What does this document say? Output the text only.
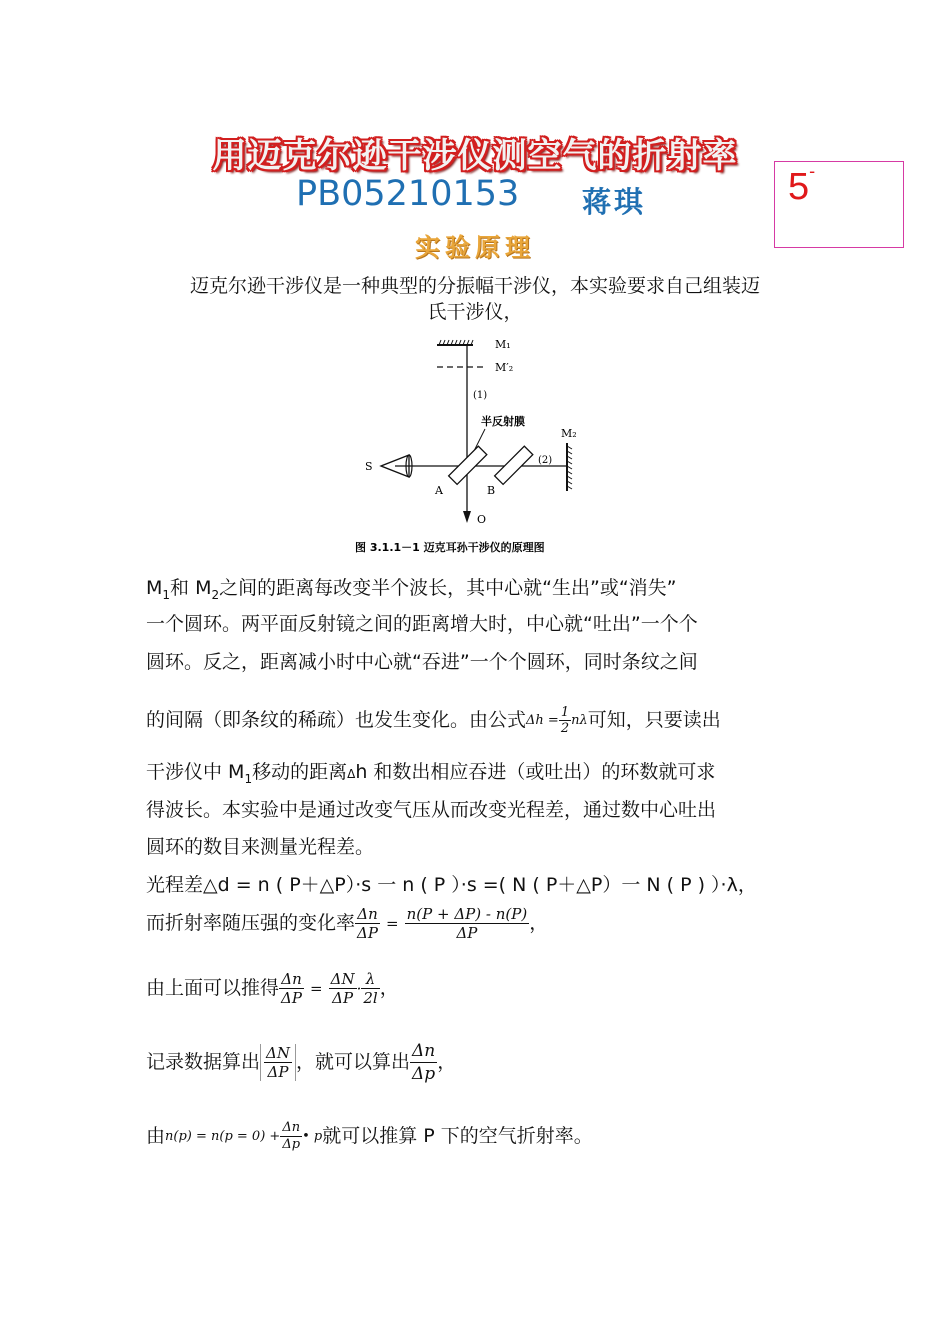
用迈克尔逊干涉仪测空气的折射率
PB05210153 蒋琪	5-
实验原理
迈克尔逊干涉仪是一种典型的分振幅干涉仪，本实验要求自己组装迈
氏干涉仪，
M₁
M′₂
(1)
半反射膜
M₂
(2)
S
A	B
O
图 3.1.1－1 迈克耳孙干涉仪的原理图
$M_1$和 $M_2$之间的距离每改变半个波长，其中心就“生出”或“消失”
一个圆环。两平面反射镜之间的距离增大时，中心就“吐出”一个个
圆环。反之，距离减小时中心就“吞进”一个个圆环，同时条纹之间
的间隔（即条纹的稀疏）也发生变化。由公式$\Delta h = \frac{1}{2}$ nλ可知，只要读出
干涉仪中 $M_1$移动的距离Δh 和数出相应吞进（或吐出）的环数就可求
得波长。本实验中是通过改变气压从而改变光程差，通过数中心吐出
圆环的数目来测量光程差。
光程差△d = n ( P＋△P）·s 一 n ( P ）·s =( N ( P＋△P）一 N ( P ) ）·λ，
而折射率随压强的变化率 $\frac{\Delta n}{\Delta P} = \frac{n(P + \Delta P) - n(P)}{\Delta P}$ ，
由上面可以推得 $\frac{\Delta n}{\Delta P} = \frac{\Delta N}{\Delta P} \cdot \frac{\lambda}{2l}$ ，
记录数据算出 $\frac{\Delta N}{\Delta P}$ ，就可以算出 $\frac{\Delta n}{\Delta p}$ ，
由$n(p) = n(p = 0) + \frac{\Delta n}{\Delta p}$ • p就可以推算 P 下的空气折射率。
